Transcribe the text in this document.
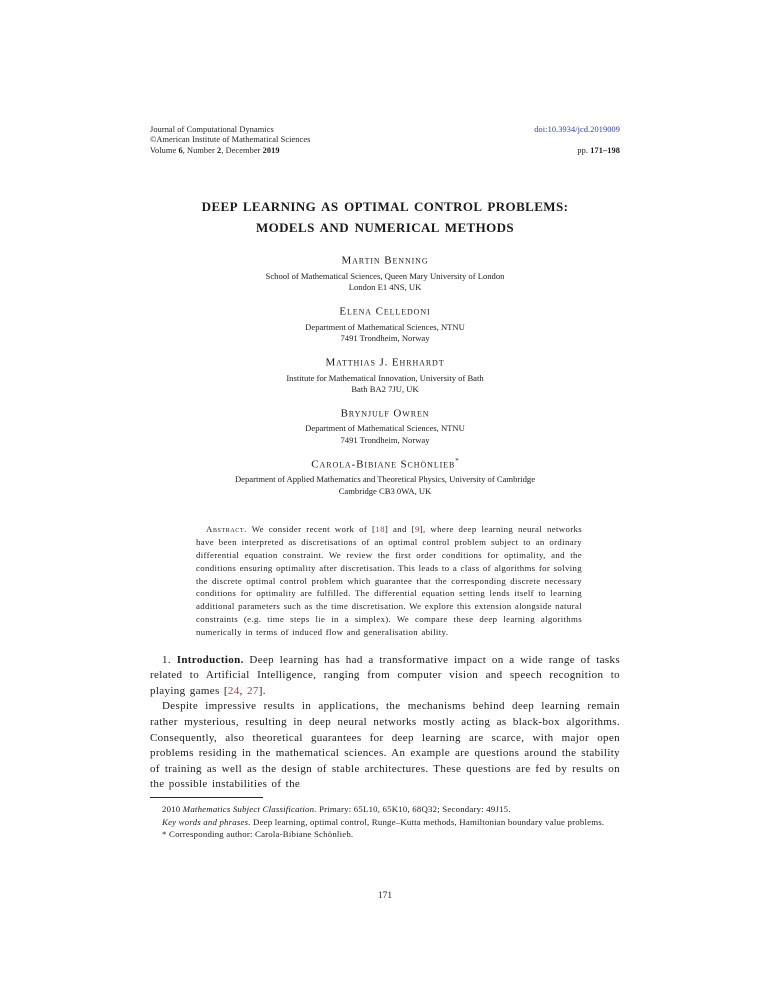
Journal of Computational Dynamics	doi:10.3934/jcd.2019009
©American Institute of Mathematical Sciences
Volume 6, Number 2, December 2019	pp. 171–198
DEEP LEARNING AS OPTIMAL CONTROL PROBLEMS:
MODELS AND NUMERICAL METHODS
Martin Benning
School of Mathematical Sciences, Queen Mary University of London
London E1 4NS, UK
Elena Celledoni
Department of Mathematical Sciences, NTNU
7491 Trondheim, Norway
Matthias J. Ehrhardt
Institute for Mathematical Innovation, University of Bath
Bath BA2 7JU, UK
Brynjulf Owren
Department of Mathematical Sciences, NTNU
7491 Trondheim, Norway
Carola-Bibiane Schönlieb*
Department of Applied Mathematics and Theoretical Physics, University of Cambridge
Cambridge CB3 0WA, UK

Abstract. We consider recent work of [18] and [9], where deep learning neural networks have been interpreted as discretisations of an optimal control problem subject to an ordinary differential equation constraint. We review the first order conditions for optimality, and the conditions ensuring optimality after discretisation. This leads to a class of algorithms for solving the discrete optimal control problem which guarantee that the corresponding discrete necessary conditions for optimality are fulfilled. The differential equation setting lends itself to learning additional parameters such as the time discretisation. We explore this extension alongside natural constraints (e.g. time steps lie in a simplex). We compare these deep learning algorithms numerically in terms of induced flow and generalisation ability.

1. Introduction. Deep learning has had a transformative impact on a wide range of tasks related to Artificial Intelligence, ranging from computer vision and speech recognition to playing games [24, 27].

Despite impressive results in applications, the mechanisms behind deep learning remain rather mysterious, resulting in deep neural networks mostly acting as black-box algorithms. Consequently, also theoretical guarantees for deep learning are scarce, with major open problems residing in the mathematical sciences. An example are questions around the stability of training as well as the design of stable architectures. These questions are fed by results on the possible instabilities of the

2010 Mathematics Subject Classification. Primary: 65L10, 65K10, 68Q32; Secondary: 49J15.

Key words and phrases. Deep learning, optimal control, Runge–Kutta methods, Hamiltonian boundary value problems.

* Corresponding author: Carola-Bibiane Schönlieb.

171
